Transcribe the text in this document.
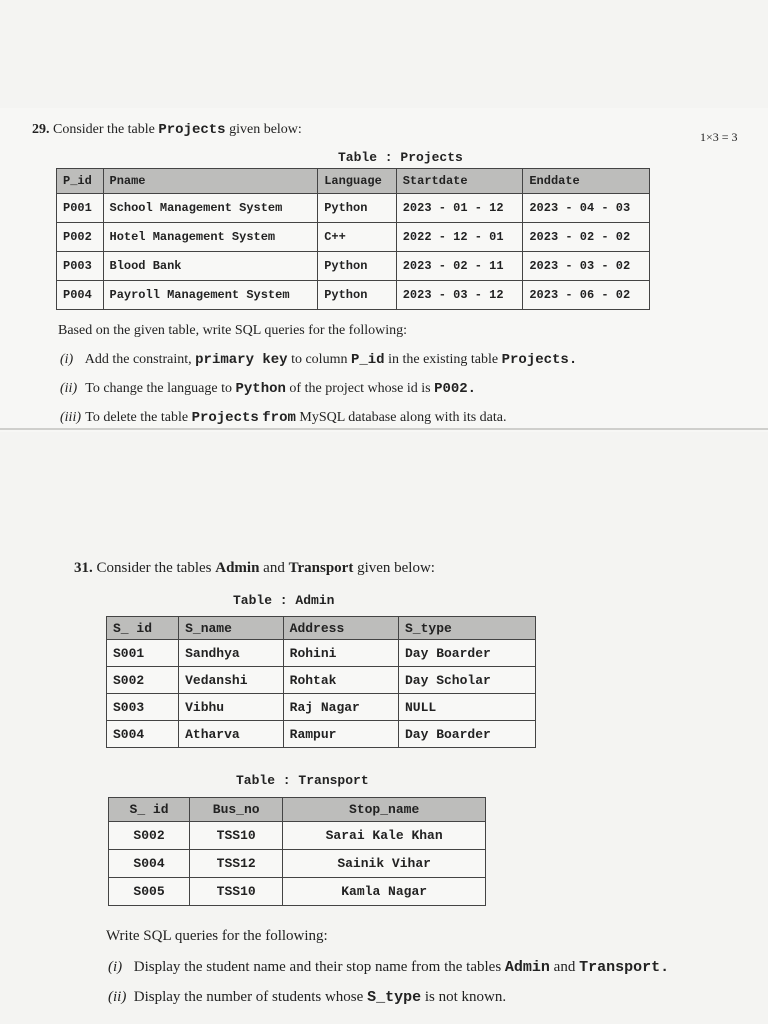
29. Consider the table Projects given below:	1×3 = 3
Table : Projects
P_id	Pname	Language	Startdate	Enddate
P001	School Management System	Python	2023 - 01 - 12	2023 - 04 - 03
P002	Hotel Management System	C++	2022 - 12 - 01	2023 - 02 - 02
P003	Blood Bank	Python	2023 - 02 - 11	2023 - 03 - 02
P004	Payroll Management System	Python	2023 - 03 - 12	2023 - 06 - 02
Based on the given table, write SQL queries for the following:
(i) Add the constraint, primary key to column P_id in the existing table Projects.
(ii) To change the language to Python of the project whose id is P002.
(iii) To delete the table Projects from MySQL database along with its data.
31. Consider the tables Admin and Transport given below:
Table : Admin
S_ id	S_name	Address	S_type
S001	Sandhya	Rohini	Day Boarder
S002	Vedanshi	Rohtak	Day Scholar
S003	Vibhu	Raj Nagar	NULL
S004	Atharva	Rampur	Day Boarder
Table : Transport
S_ id	Bus_no	Stop_name
S002	TSS10	Sarai Kale Khan
S004	TSS12	Sainik Vihar
S005	TSS10	Kamla Nagar
Write SQL queries for the following:
(i) Display the student name and their stop name from the tables Admin and Transport.
(ii) Display the number of students whose S_type is not known.
